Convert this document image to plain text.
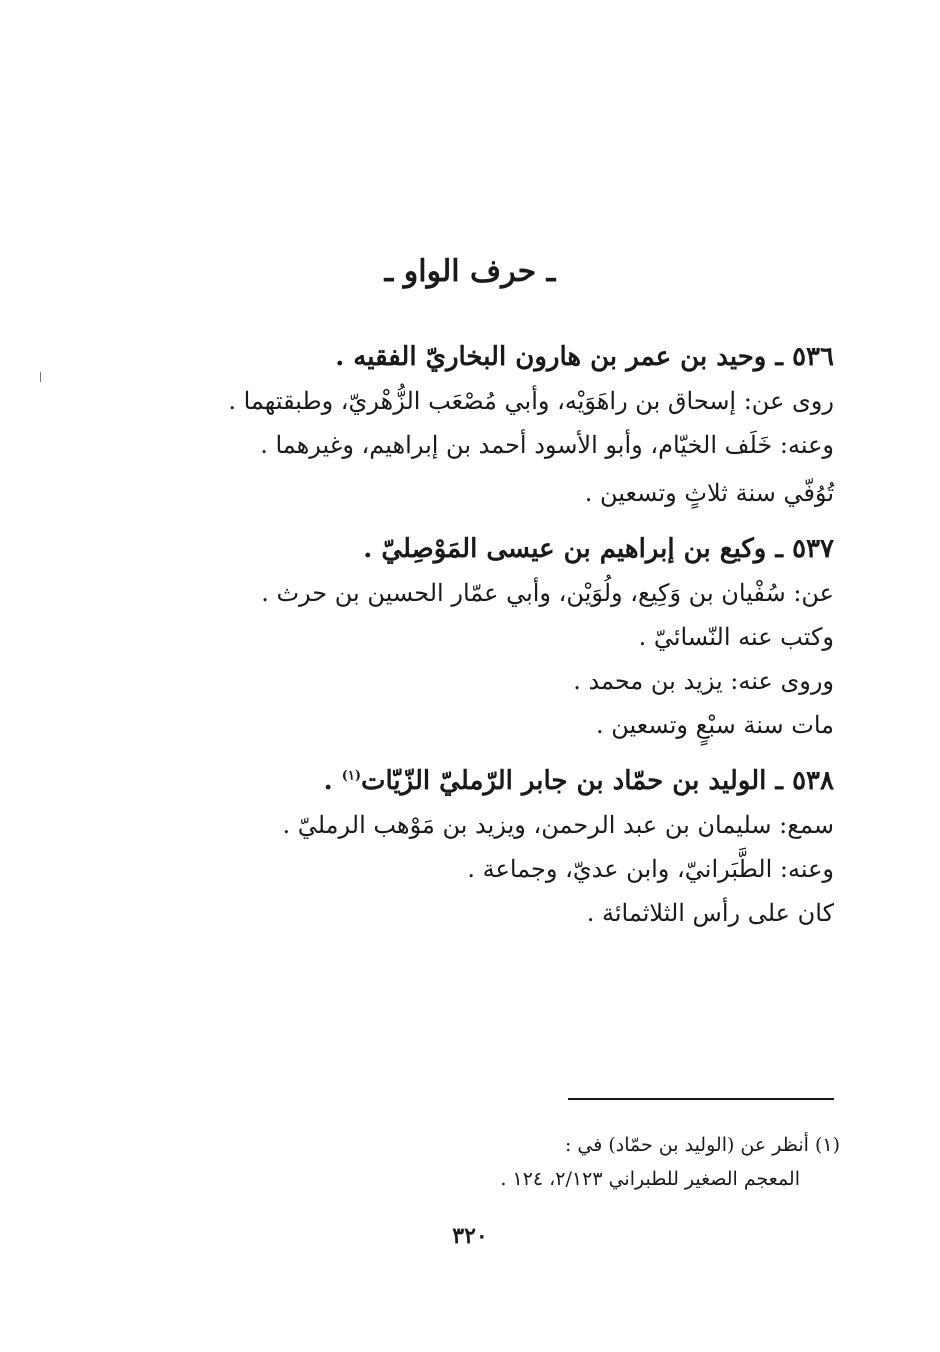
ـ حرف الواو ـ
٥٣٦ ـ وحيد بن عمر بن هارون البخاريّ الفقيه .
روى عن: إسحاق بن راهَوَيْه، وأبي مُصْعَب الزُّهْريّ، وطبقتهما .
وعنه: خَلَف الخيّام، وأبو الأسود أحمد بن إبراهيم، وغيرهما .
تُوُفّي سنة ثلاثٍ وتسعين .
٥٣٧ ـ وكيع بن إبراهيم بن عيسى المَوْصِليّ .
عن: سُفْيان بن وَكِيع، ولُوَيْن، وأبي عمّار الحسين بن حرث .
وكتب عنه النّسائيّ .
وروى عنه: يزيد بن محمد .
مات سنة سبْعٍ وتسعين .
٥٣٨ ـ الوليد بن حمّاد بن جابر الرّمليّ الزّيّات$^{(١)}$ .
سمع: سليمان بن عبد الرحمن، ويزيد بن مَوْهب الرمليّ .
وعنه: الطَّبَرانيّ، وابن عديّ، وجماعة .
كان على رأس الثلاثمائة .
(١) أنظر عن (الوليد بن حمّاد) في :
المعجم الصغير للطبراني ٢/١٢٣، ١٢٤ .
٣٢٠
